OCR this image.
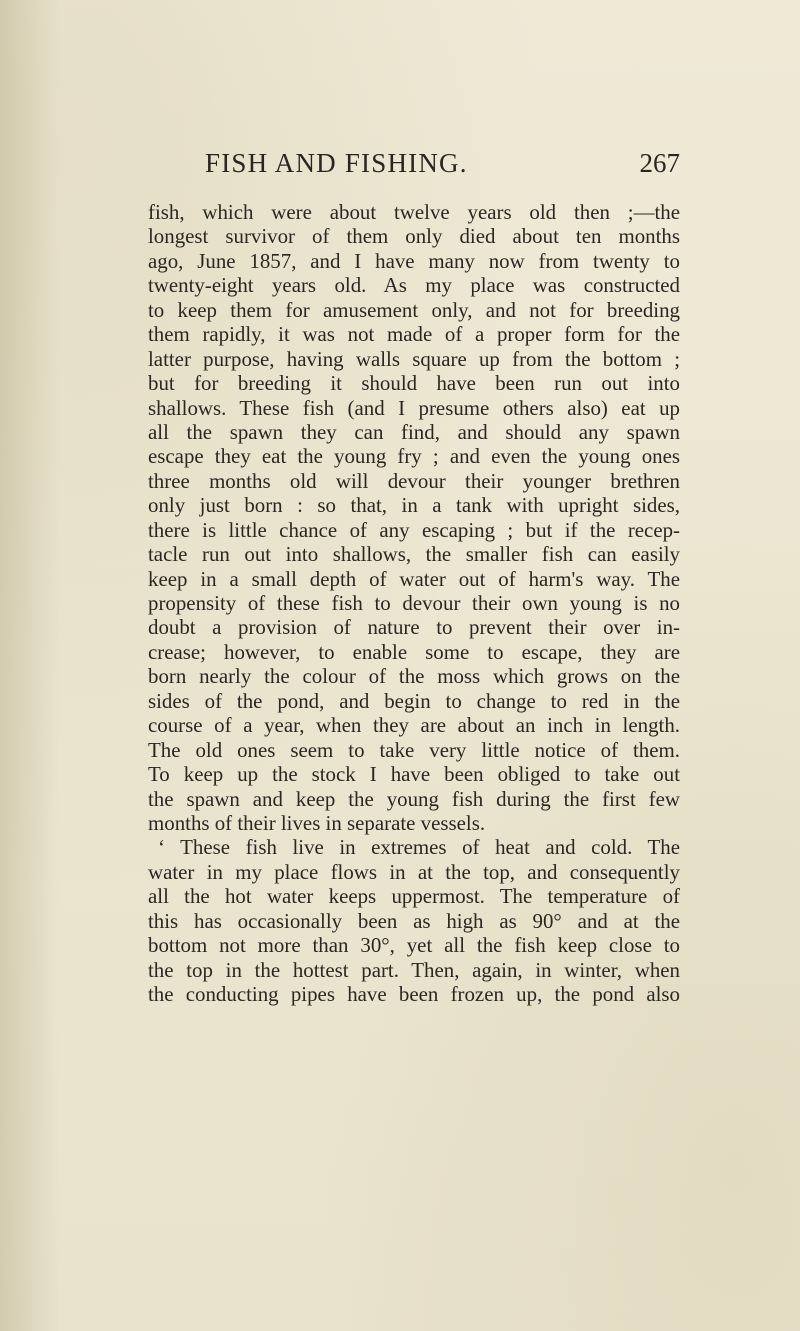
FISH AND FISHING.	267
fish, which were about twelve years old then ;—the
longest survivor of them only died about ten months
ago, June 1857, and I have many now from twenty to
twenty-eight years old. As my place was constructed
to keep them for amusement only, and not for breeding
them rapidly, it was not made of a proper form for the
latter purpose, having walls square up from the bottom ;
but for breeding it should have been run out into
shallows. These fish (and I presume others also) eat up
all the spawn they can find, and should any spawn
escape they eat the young fry ; and even the young ones
three months old will devour their younger brethren
only just born : so that, in a tank with upright sides,
there is little chance of any escaping ; but if the recep-
tacle run out into shallows, the smaller fish can easily
keep in a small depth of water out of harm's way. The
propensity of these fish to devour their own young is no
doubt a provision of nature to prevent their over in-
crease; however, to enable some to escape, they are
born nearly the colour of the moss which grows on the
sides of the pond, and begin to change to red in the
course of a year, when they are about an inch in length.
The old ones seem to take very little notice of them.
To keep up the stock I have been obliged to take out
the spawn and keep the young fish during the first few
months of their lives in separate vessels.
‘ These fish live in extremes of heat and cold. The
water in my place flows in at the top, and consequently
all the hot water keeps uppermost. The temperature of
this has occasionally been as high as 90° and at the
bottom not more than 30°, yet all the fish keep close to
the top in the hottest part. Then, again, in winter, when
the conducting pipes have been frozen up, the pond also
